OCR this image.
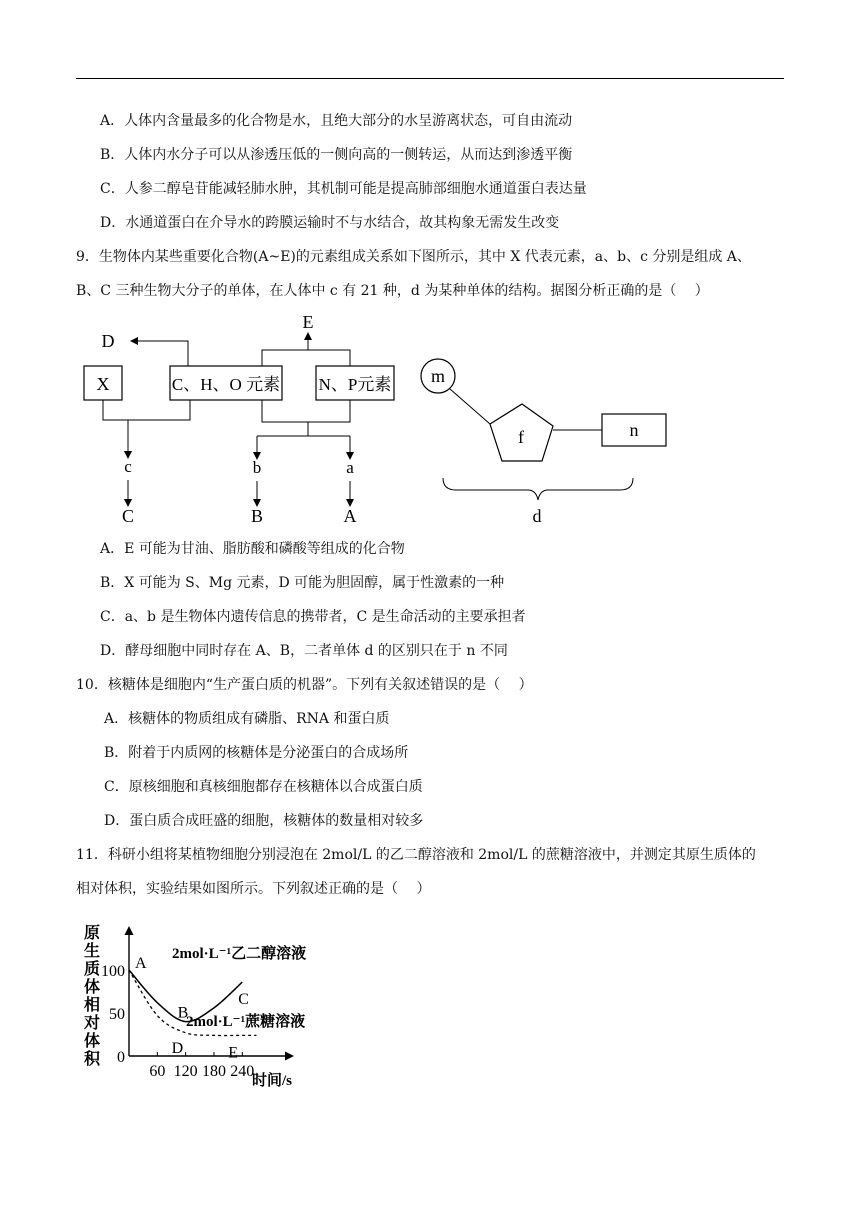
A．人体内含量最多的化合物是水，且绝大部分的水呈游离状态，可自由流动
B．人体内水分子可以从渗透压低的一侧向高的一侧转运，从而达到渗透平衡
C．人参二醇皂苷能减轻肺水肿，其机制可能是提高肺部细胞水通道蛋白表达量
D．水通道蛋白在介导水的跨膜运输时不与水结合，故其构象无需发生改变
9．生物体内某些重要化合物(A~E)的元素组成关系如下图所示，其中 X 代表元素，a、b、c 分别是组成 A、
B、C 三种生物大分子的单体，在人体中 c 有 21 种，d 为某种单体的结构。据图分析正确的是（　 ）
X	C、H、O 元素 N、P元素
D
E
c
C
b	a
B	A
m
f	n
d
A．E 可能为甘油、脂肪酸和磷酸等组成的化合物
B．X 可能为 S、Mg 元素，D 可能为胆固醇，属于性激素的一种
C．a、b 是生物体内遗传信息的携带者，C 是生命活动的主要承担者
D．酵母细胞中同时存在 A、B，二者单体 d 的区别只在于 n 不同
10．核糖体是细胞内“生产蛋白质的机器”。下列有关叙述错误的是（　 ）
A．核糖体的物质组成有磷脂、RNA 和蛋白质
B．附着于内质网的核糖体是分泌蛋白的合成场所
C．原核细胞和真核细胞都存在核糖体以合成蛋白质
D．蛋白质合成旺盛的细胞，核糖体的数量相对较多
11．科研小组将某植物细胞分别浸泡在 2mol/L 的乙二醇溶液和 2mol/L 的蔗糖溶液中，并测定其原生质体的
相对体积，实验结果如图所示。下列叙述正确的是（　 ）
原生质体相对体积 0
50
100
60 120 180 240
A
B
C
D	E
2mol·L⁻¹乙二醇溶液
2mol·L⁻¹蔗糖溶液
时间/s
